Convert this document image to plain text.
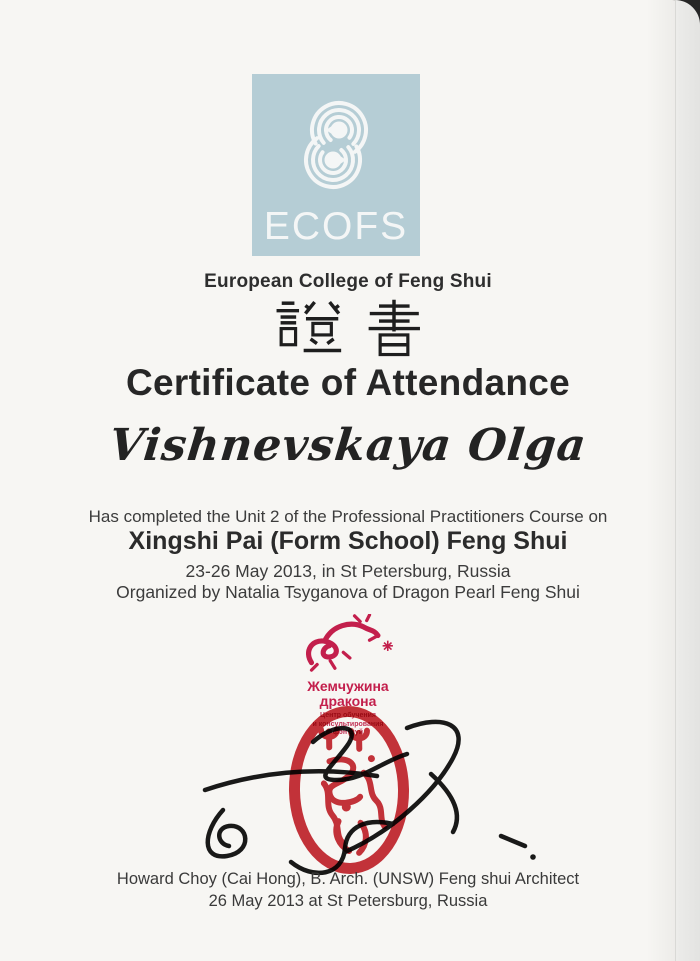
ECOFS
European College of Feng Shui
Certificate of Attendance
Vishnevskaya Olga
Has completed the Unit 2 of the Professional Practitioners Course on
Xingshi Pai (Form School) Feng Shui
23-26 May 2013, in St Petersburg, Russia
Organized by Natalia Tsyganova of Dragon Pearl Feng Shui
Жемчужина
дракона
Центр обучения
и консультирования
фэн шуй
Howard Choy (Cai Hong), B. Arch. (UNSW) Feng shui Architect
26 May 2013 at St Petersburg, Russia
